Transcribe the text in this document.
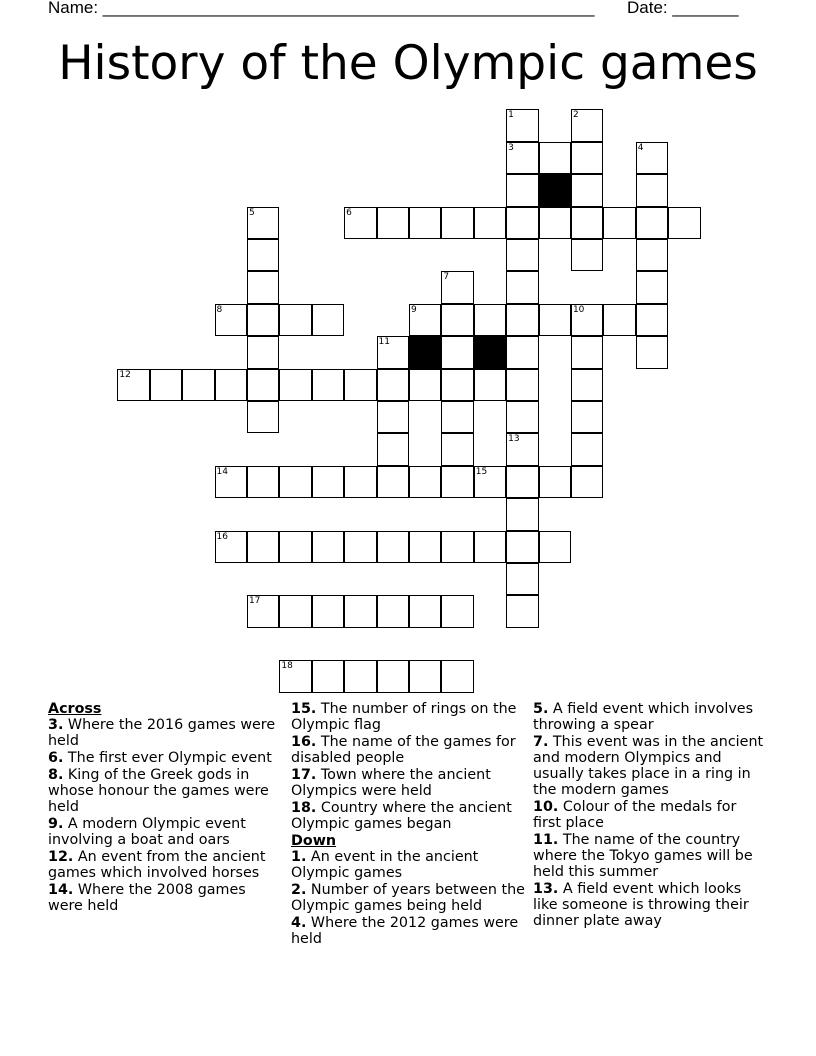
Name: ____________________________________________________ Date: _______
History of the Olympic games
3
6
8	9	10
12
14	15
16
17
18
1	2
4
5
7
11
13
Across
3. Where the 2016 games were held
6. The first ever Olympic event
8. King of the Greek gods in whose honour the games were held
9. A modern Olympic event involving a boat and oars
12. An event from the ancient games which involved horses
14. Where the 2008 games were held
15. The number of rings on the Olympic flag
16. The name of the games for disabled people
17. Town where the ancient Olympics were held
18. Country where the ancient Olympic games began
Down
1. An event in the ancient Olympic games
2. Number of years between the Olympic games being held
4. Where the 2012 games were held
5. A field event which involves throwing a spear
7. This event was in the ancient and modern Olympics and usually takes place in a ring in the modern games
10. Colour of the medals for first place
11. The name of the country where the Tokyo games will be held this summer
13. A field event which looks like someone is throwing their dinner plate away
